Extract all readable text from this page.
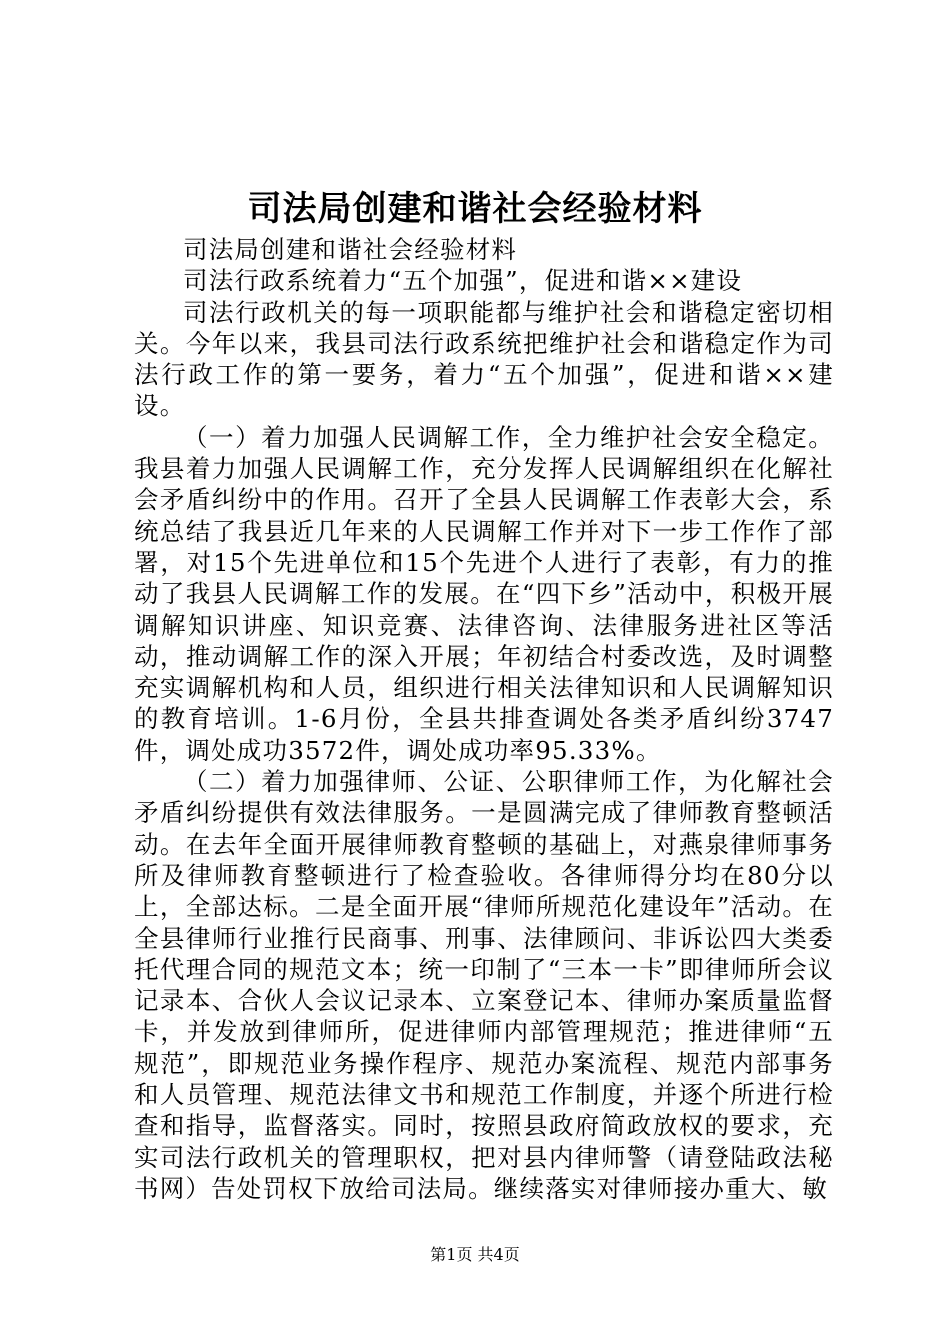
司法局创建和谐社会经验材料

司法局创建和谐社会经验材料

司法行政系统着力“五个加强”，促进和谐××建设

司法行政机关的每一项职能都与维护社会和谐稳定密切相关。今年以来，我县司法行政系统把维护社会和谐稳定作为司法行政工作的第一要务，着力“五个加强”，促进和谐××建设。

（一）着力加强人民调解工作，全力维护社会安全稳定。我县着力加强人民调解工作，充分发挥人民调解组织在化解社会矛盾纠纷中的作用。召开了全县人民调解工作表彰大会，系统总结了我县近几年来的人民调解工作并对下一步工作作了部署，对15个先进单位和15个先进个人进行了表彰，有力的推动了我县人民调解工作的发展。在“四下乡”活动中，积极开展调解知识讲座、知识竞赛、法律咨询、法律服务进社区等活动，推动调解工作的深入开展；年初结合村委改选，及时调整充实调解机构和人员，组织进行相关法律知识和人民调解知识的教育培训。1-6月份，全县共排查调处各类矛盾纠纷3747件，调处成功3572件，调处成功率95.33%。

（二）着力加强律师、公证、公职律师工作，为化解社会矛盾纠纷提供有效法律服务。一是圆满完成了律师教育整顿活动。在去年全面开展律师教育整顿的基础上，对燕泉律师事务所及律师教育整顿进行了检查验收。各律师得分均在80分以上，全部达标。二是全面开展“律师所规范化建设年”活动。在全县律师行业推行民商事、刑事、法律顾问、非诉讼四大类委托代理合同的规范文本；统一印制了“三本一卡”即律师所会议记录本、合伙人会议记录本、立案登记本、律师办案质量监督卡，并发放到律师所，促进律师内部管理规范；推进律师“五规范”，即规范业务操作程序、规范办案流程、规范内部事务和人员管理、规范法律文书和规范工作制度，并逐个所进行检查和指导，监督落实。同时，按照县政府简政放权的要求，充实司法行政机关的管理职权，把对县内律师警（请登陆政法秘书网）告处罚权下放给司法局。继续落实对律师接办重大、敏

第1页 共4页
